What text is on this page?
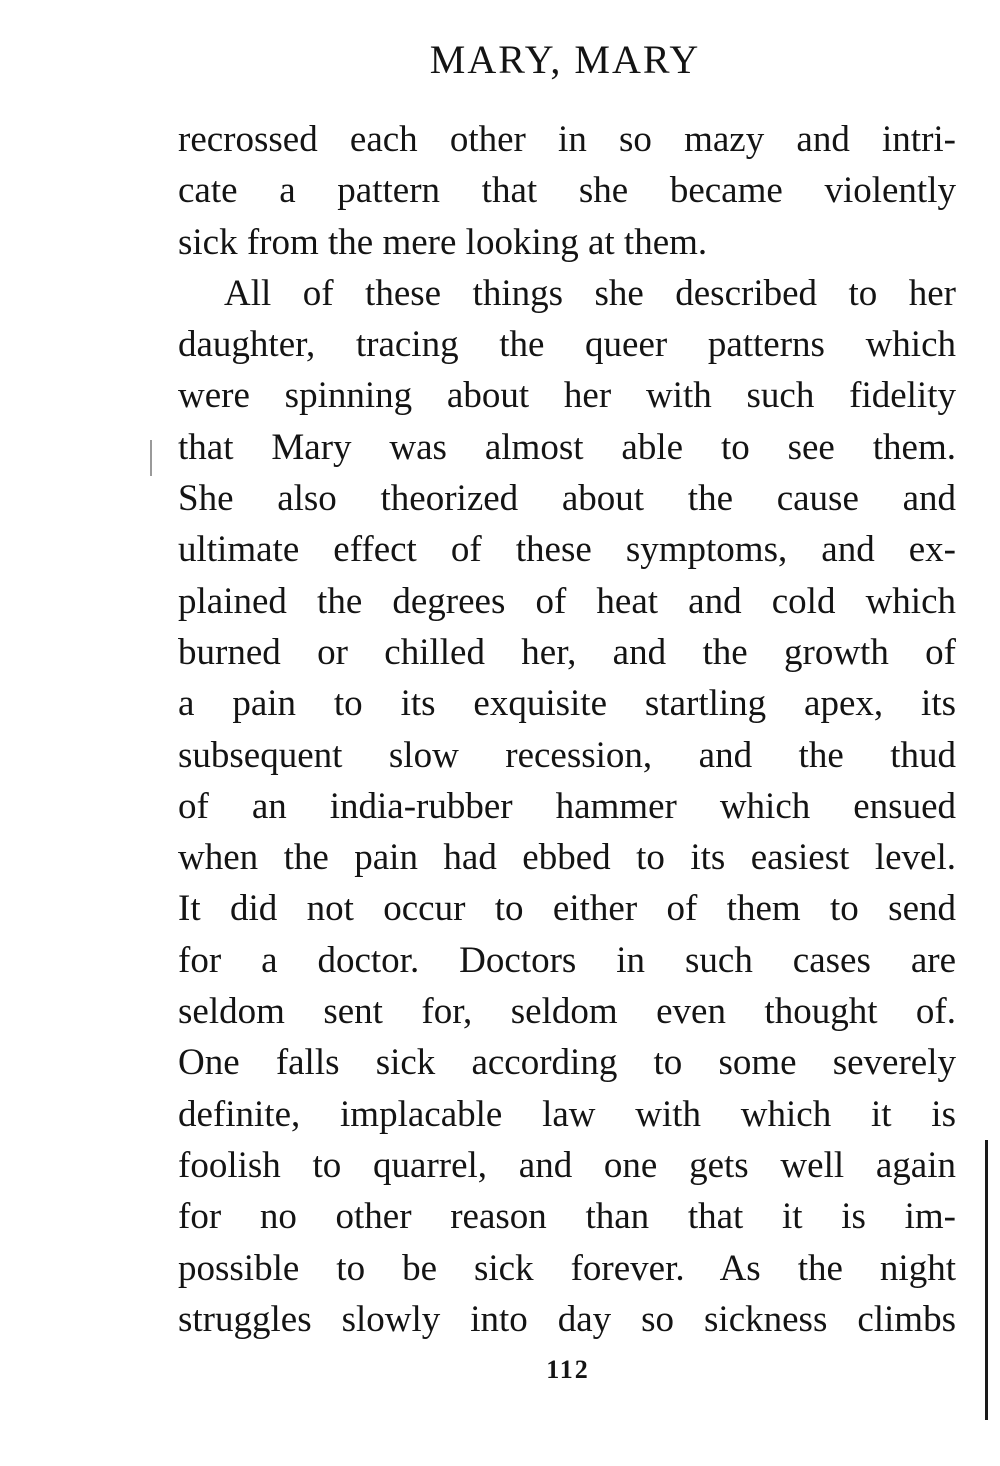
MARY, MARY
recrossed each other in so mazy and intri-
cate a pattern that she became violently
sick from the mere looking at them.
All of these things she described to her
daughter, tracing the queer patterns which
were spinning about her with such fidelity
that Mary was almost able to see them.
She also theorized about the cause and
ultimate effect of these symptoms, and ex-
plained the degrees of heat and cold which
burned or chilled her, and the growth of
a pain to its exquisite startling apex, its
subsequent slow recession, and the thud
of an india-rubber hammer which ensued
when the pain had ebbed to its easiest level.
It did not occur to either of them to send
for a doctor. Doctors in such cases are
seldom sent for, seldom even thought of.
One falls sick according to some severely
definite, implacable law with which it is
foolish to quarrel, and one gets well again
for no other reason than that it is im-
possible to be sick forever. As the night
struggles slowly into day so sickness climbs
112
